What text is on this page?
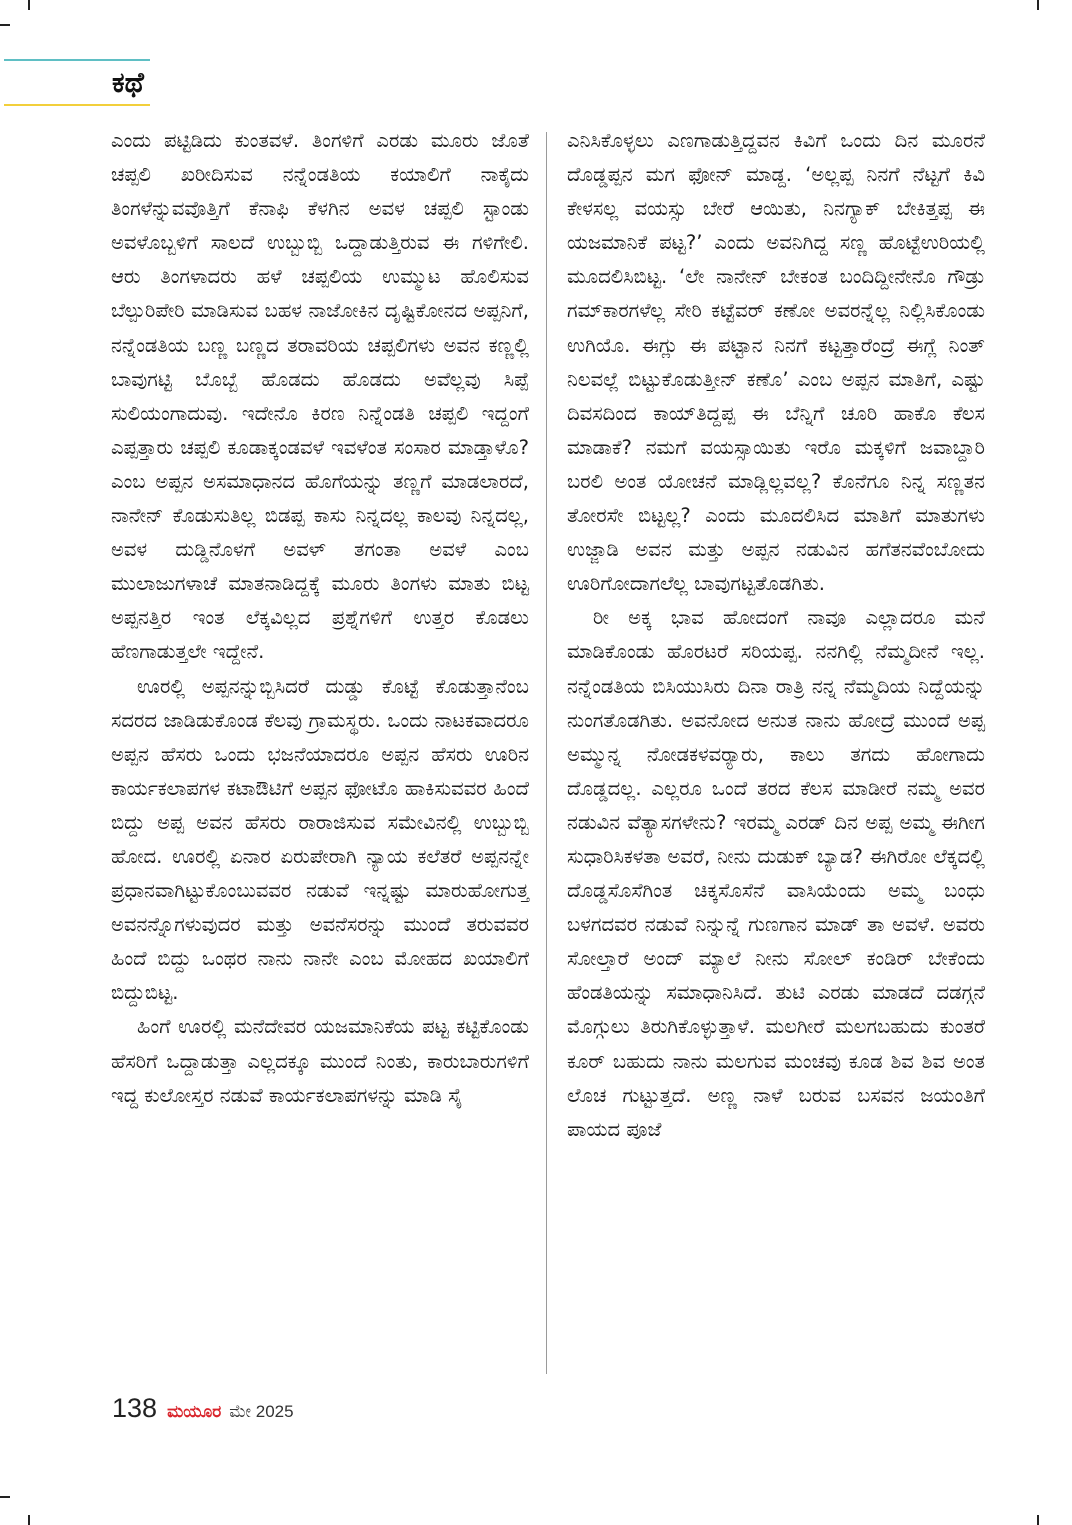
ಕಥೆ

ಎಂದು ಪಟ್ಟಿಡಿದು ಕುಂತವಳೆ. ತಿಂಗಳಿಗೆ ಎರಡು ಮೂರು ಜೊತೆ ಚಪ್ಪಲಿ ಖರೀದಿಸುವ ನನ್ನೆಂಡತಿಯ ಕಯಾಲಿಗೆ ನಾಕೈದು ತಿಂಗಳೆನ್ನುವವೊತ್ತಿಗೆ ಕೆನಾಫಿ ಕೆಳಗಿನ ಅವಳ ಚಪ್ಪಲಿ ಸ್ಟಾಂಡು ಅವಳೊಬ್ಬಳಿಗೆ ಸಾಲದೆ ಉಬ್ಬುಬ್ಬಿ ಒದ್ದಾಡುತ್ತಿರುವ ಈ ಗಳಿಗೇಲಿ. ಆರು ತಿಂಗಳಾದರು ಹಳೆ ಚಪ್ಪಲಿಯ ಉಮ್ಮುಟ ಹೊಲಿಸುವ ಬೆಲ್ಪುರಿಪೇರಿ ಮಾಡಿಸುವ ಬಹಳ ನಾಜೋಕಿನ ದೃಷ್ಟಿಕೋನದ ಅಪ್ಪನಿಗೆ, ನನ್ನೆಂಡತಿಯ ಬಣ್ಣ ಬಣ್ಣದ ತರಾವರಿಯ ಚಪ್ಪಲಿಗಳು ಅವನ ಕಣ್ಣಲ್ಲಿ ಬಾವುಗಟ್ಟಿ ಬೊಬ್ಬೆ ಹೊಡದು ಹೊಡದು ಅವೆಲ್ಲವು ಸಿಪ್ಪೆ ಸುಲಿಯಂಗಾದುವು. ಇದೇನೊ ಕಿರಣ ನಿನ್ನೆಂಡತಿ ಚಪ್ಪಲಿ ಇದ್ದಂಗೆ ಎಪ್ಪತ್ತಾರು ಚಪ್ಪಲಿ ಕೂಡಾಕ್ಕಂಡವಳೆ ಇವಳೆಂತ ಸಂಸಾರ ಮಾಡ್ತಾಳೊ? ಎಂಬ ಅಪ್ಪನ ಅಸಮಾಧಾನದ ಹೊಗೆಯನ್ನು ತಣ್ಣಗೆ ಮಾಡಲಾರದೆ, ನಾನೇನ್ ಕೊಡುಸುತಿಲ್ಲ ಬಿಡಪ್ಪ ಕಾಸು ನಿನ್ನದಲ್ಲ ಕಾಲವು ನಿನ್ನದಲ್ಲ, ಅವಳ ದುಡ್ಡಿನೊಳಗೆ ಅವಳ್ ತಗಂತಾ ಅವಳೆ ಎಂಬ ಮುಲಾಜುಗಳಾಚೆ ಮಾತನಾಡಿದ್ದಕ್ಕೆ ಮೂರು ತಿಂಗಳು ಮಾತು ಬಿಟ್ಟ ಅಪ್ಪನತ್ತಿರ ಇಂತ ಲೆಕ್ಕವಿಲ್ಲದ ಪ್ರಶ್ನೆಗಳಿಗೆ ಉತ್ತರ ಕೊಡಲು ಹೆಣಗಾಡುತ್ತಲೇ ಇದ್ದೇನೆ.

ಊರಲ್ಲಿ ಅಪ್ಪನನ್ನುಬ್ಬಿಸಿದರೆ ದುಡ್ಡು ಕೊಟ್ಟೆ ಕೊಡುತ್ತಾನೆಂಬ ಸದರದ ಜಾಡಿಡುಕೊಂಡ ಕೆಲವು ಗ್ರಾಮಸ್ಥರು. ಒಂದು ನಾಟಕವಾದರೂ ಅಪ್ಪನ ಹೆಸರು ಒಂದು ಭಜನೆಯಾದರೂ ಅಪ್ಪನ ಹೆಸರು ಊರಿನ ಕಾರ್ಯಕಲಾಪಗಳ ಕಟಾಔಟಿಗೆ ಅಪ್ಪನ ಫೋಟೊ ಹಾಕಿಸುವವರ ಹಿಂದೆ ಬಿದ್ದು ಅಪ್ಪ ಅವನ ಹೆಸರು ರಾರಾಜಿಸುವ ಸಮೇವಿನಲ್ಲಿ ಉಬ್ಬುಬ್ಬಿ ಹೋದ. ಊರಲ್ಲಿ ಏನಾರ ಏರುಪೇರಾಗಿ ನ್ಯಾಯ ಕಲೆತರೆ ಅಪ್ಪನನ್ನೇ ಪ್ರಧಾನವಾಗಿಟ್ಟುಕೊಂಬುವವರ ನಡುವೆ ಇನ್ನಷ್ಟು ಮಾರುಹೋಗುತ್ತ ಅವನನ್ನೊಗಳುವುದರ ಮತ್ತು ಅವನೆಸರನ್ನು ಮುಂದೆ ತರುವವರ ಹಿಂದೆ ಬಿದ್ದು ಒಂಥರ ನಾನು ನಾನೇ ಎಂಬ ಮೋಹದ ಖಯಾಲಿಗೆ ಬಿದ್ದುಬಿಟ್ಟ.

ಹಿಂಗೆ ಊರಲ್ಲಿ ಮನೆದೇವರ ಯಜಮಾನಿಕೆಯ ಪಟ್ಟ ಕಟ್ಟಿಕೊಂಡು ಹೆಸರಿಗೆ ಒದ್ದಾಡುತ್ತಾ ಎಲ್ಲದಕ್ಕೂ ಮುಂದೆ ನಿಂತು, ಕಾರುಬಾರುಗಳಿಗೆ ಇದ್ದ ಕುಲೋಸ್ತರ ನಡುವೆ ಕಾರ್ಯಕಲಾಪಗಳನ್ನು ಮಾಡಿ ಸೈ

ಎನಿಸಿಕೊಳ್ಳಲು ಎಣಗಾಡುತ್ತಿದ್ದವನ ಕಿವಿಗೆ ಒಂದು ದಿನ ಮೂರನೆ ದೊಡ್ಡಪ್ಪನ ಮಗ ಫೋನ್ ಮಾಡ್ದ. ‘ಅಲ್ಲಪ್ಪ ನಿನಗೆ ನೆಟ್ಟಗೆ ಕಿವಿ ಕೇಳಸಲ್ಲ ವಯಸ್ಸು ಬೇರೆ ಆಯಿತು, ನಿನಗ್ಯಾಕ್ ಬೇಕಿತ್ತಪ್ಪ ಈ ಯಜಮಾನಿಕೆ ಪಟ್ಟ?’ ಎಂದು ಅವನಿಗಿದ್ದ ಸಣ್ಣ ಹೊಟ್ಟೆಉರಿಯಲ್ಲಿ ಮೂದಲಿಸಿಬಿಟ್ಟ. ‘ಲೇ ನಾನೇನ್ ಬೇಕಂತ ಬಂದಿದ್ದೀನೇನೊ ಗೌಡ್ರು ಗಮ್‌ಕಾರಗಳೆಲ್ಲ ಸೇರಿ ಕಟ್ಟೆವರ್ ಕಣೋ ಅವರನ್ನೆಲ್ಲ ನಿಲ್ಲಿಸಿಕೊಂಡು ಉಗಿಯೊ. ಈಗ್ಲು ಈ ಪಟ್ಟಾನ ನಿನಗೆ ಕಟ್ಟತ್ತಾರೆಂದ್ರೆ ಈಗ್ಲೆ ನಿಂತ್ ನಿಲವಲ್ಲೆ ಬಿಟ್ಟುಕೊಡುತ್ತೀನ್ ಕಣೊ’ ಎಂಬ ಅಪ್ಪನ ಮಾತಿಗೆ, ಎಷ್ಟು ದಿವಸದಿಂದ ಕಾಯ್‌ತಿದ್ದಪ್ಪ ಈ ಬೆನ್ನಿಗೆ ಚೂರಿ ಹಾಕೊ ಕೆಲಸ ಮಾಡಾಕೆ? ನಮಗೆ ವಯಸ್ಸಾಯಿತು ಇರೊ ಮಕ್ಕಳಿಗೆ ಜವಾಬ್ದಾರಿ ಬರಲಿ ಅಂತ ಯೋಚನೆ ಮಾಡ್ಲಿಲ್ಲವಲ್ಲ? ಕೊನೆಗೂ ನಿನ್ನ ಸಣ್ಣತನ ತೋರಸೇ ಬಿಟ್ಟಲ್ಲ? ಎಂದು ಮೂದಲಿಸಿದ ಮಾತಿಗೆ ಮಾತುಗಳು ಉಜ್ಜಾಡಿ ಅವನ ಮತ್ತು ಅಪ್ಪನ ನಡುವಿನ ಹಗೆತನವೆಂಬೋದು ಊರಿಗೋದಾಗಲೆಲ್ಲ ಬಾವುಗಟ್ಟತೊಡಗಿತು.

ರೀ ಅಕ್ಕ ಭಾವ ಹೋದಂಗೆ ನಾವೂ ಎಲ್ಲಾದರೂ ಮನೆ ಮಾಡಿಕೊಂಡು ಹೊರಟರೆ ಸರಿಯಪ್ಪ. ನನಗಿಲ್ಲಿ ನೆಮ್ಮದೀನೆ ಇಲ್ಲ. ನನ್ನೆಂಡತಿಯ ಬಿಸಿಯುಸಿರು ದಿನಾ ರಾತ್ರಿ ನನ್ನ ನೆಮ್ಮದಿಯ ನಿದ್ದೆಯನ್ನು ನುಂಗತೊಡಗಿತು. ಅವನೋದ ಅನುತ ನಾನು ಹೋದ್ರೆ ಮುಂದೆ ಅಪ್ಪ ಅಮ್ಮುನ್ನ ನೋಡಕಳವರ್‍ಯಾರು, ಕಾಲು ತಗದು ಹೋಗಾದು ದೊಡ್ಡದಲ್ಲ. ಎಲ್ಲರೂ ಒಂದೆ ತರದ ಕೆಲಸ ಮಾಡೀರೆ ನಮ್ಮ ಅವರ ನಡುವಿನ ವೆತ್ಯಾಸಗಳೇನು? ಇರಮ್ಮ ಎರಡ್ ದಿನ ಅಪ್ಪ ಅಮ್ಮ ಈಗೀಗ ಸುಧಾರಿಸಿಕಳತಾ ಅವರೆ, ನೀನು ದುಡುಕ್ ಬ್ಯಾಡ? ಈಗಿರೋ ಲೆಕ್ಕದಲ್ಲಿ ದೊಡ್ಡಸೊಸೆಗಿಂತ ಚಿಕ್ಕಸೊಸೆನೆ ವಾಸಿಯೆಂದು ಅಮ್ಮ ಬಂಧು ಬಳಗದವರ ನಡುವೆ ನಿನ್ನುನ್ನೆ ಗುಣಗಾನ ಮಾಡ್ ತಾ ಅವಳೆ. ಅವರು ಸೋಲ್ತಾರೆ ಅಂದ್ ಮ್ಯಾಲೆ ನೀನು ಸೋಲ್ ಕಂಡಿರ್ ಬೇಕೆಂದು ಹೆಂಡತಿಯನ್ನು ಸಮಾಧಾನಿಸಿದೆ. ತುಟಿ ಎರಡು ಮಾಡದೆ ದಡಗ್ಗನೆ ಮೊಗ್ಗುಲು ತಿರುಗಿಕೊಳ್ಳುತ್ತಾಳೆ. ಮಲಗೀರೆ ಮಲಗಬಹುದು ಕುಂತರೆ ಕೂರ್ ಬಹುದು ನಾನು ಮಲಗುವ ಮಂಚವು ಕೂಡ ಶಿವ ಶಿವ ಅಂತ ಲೊಚ ಗುಟ್ಟುತ್ತದೆ. ಅಣ್ಣ ನಾಳೆ ಬರುವ ಬಸವನ ಜಯಂತಿಗೆ ಪಾಯದ ಪೂಜೆ

138 ಮಯೂರ ಮೇ 2025
